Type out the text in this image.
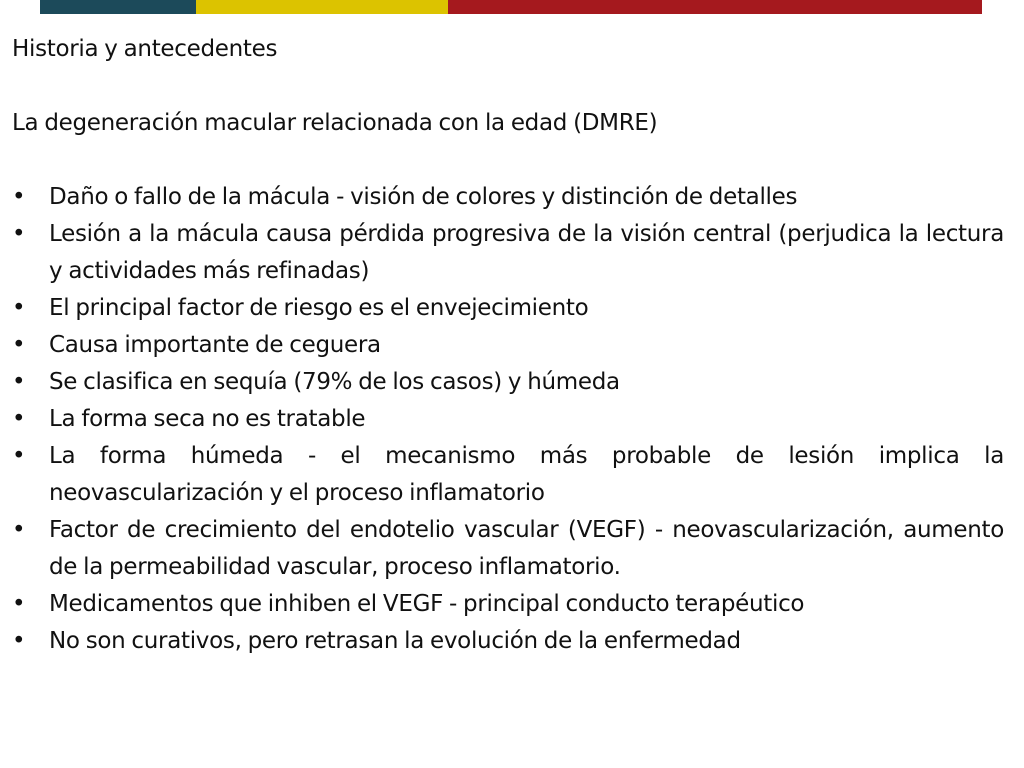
Historia y antecedentes
La degeneración macular relacionada con la edad (DMRE)
• Daño o fallo de la mácula - visión de colores y distinción de detalles
• Lesión a la mácula causa pérdida progresiva de la visión central (perjudica la lectura y actividades más refinadas)
• El principal factor de riesgo es el envejecimiento
• Causa importante de ceguera
• Se clasifica en sequía (79% de los casos) y húmeda
• La forma seca no es tratable
• La forma húmeda - el mecanismo más probable de lesión implica la neovascularización y el proceso inflamatorio
• Factor de crecimiento del endotelio vascular (VEGF) - neovascularización, aumento de la permeabilidad vascular, proceso inflamatorio.
• Medicamentos que inhiben el VEGF - principal conducto terapéutico
• No son curativos, pero retrasan la evolución de la enfermedad
